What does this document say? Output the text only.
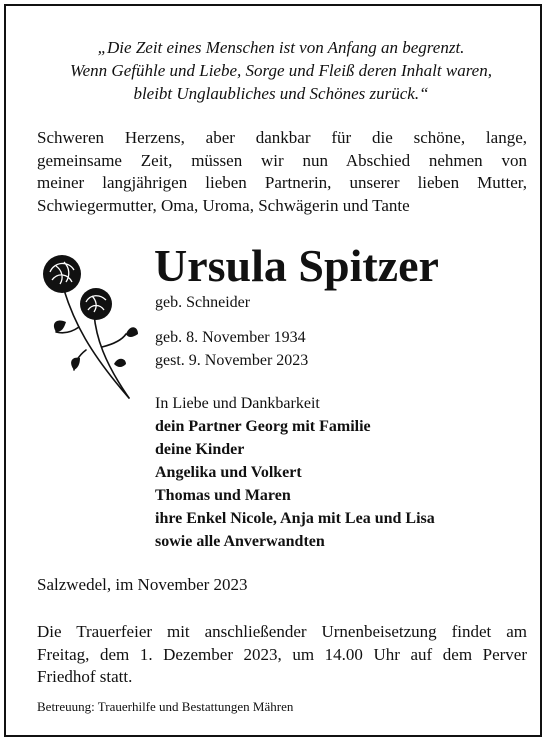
„Die Zeit eines Menschen ist von Anfang an begrenzt.
Wenn Gefühle und Liebe, Sorge und Fleiß deren Inhalt waren,
bleibt Unglaubliches und Schönes zurück.“
Schweren Herzens, aber dankbar für die schöne, lange,
gemeinsame Zeit, müssen wir nun Abschied nehmen von
meiner langjährigen lieben Partnerin, unserer lieben Mutter,
Schwiegermutter, Oma, Uroma, Schwägerin und Tante
Ursula Spitzer
geb. Schneider
geb. 8. November 1934
gest. 9. November 2023
In Liebe und Dankbarkeit
dein Partner Georg mit Familie
deine Kinder
Angelika und Volkert
Thomas und Maren
ihre Enkel Nicole, Anja mit Lea und Lisa
sowie alle Anverwandten
Salzwedel, im November 2023
Die Trauerfeier mit anschließender Urnenbeisetzung findet am
Freitag, dem 1. Dezember 2023, um 14.00 Uhr auf dem Perver
Friedhof statt.
Betreuung: Trauerhilfe und Bestattungen Mähren
